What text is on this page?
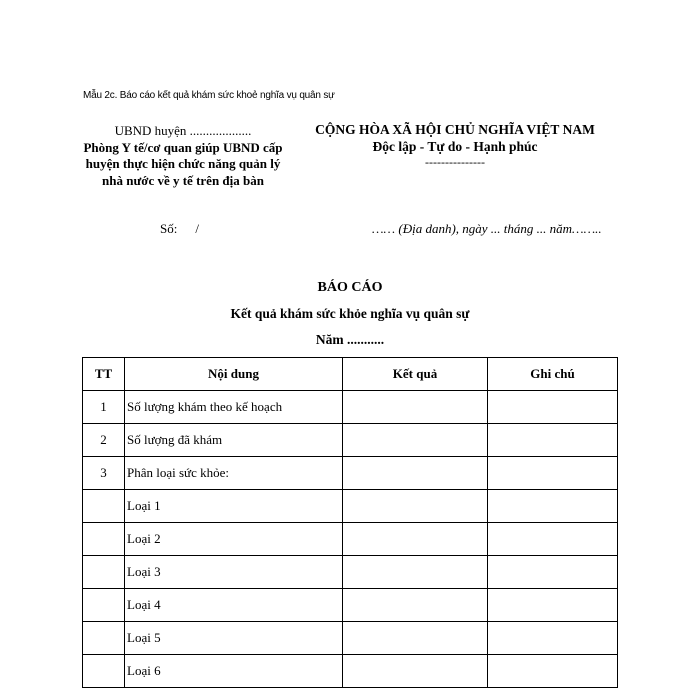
Mẫu 2c. Báo cáo kết quả khám sức khoẻ nghĩa vụ quân sự
UBND huyện ...................
Phòng Y tế/cơ quan giúp UBND cấp huyện thực hiện chức năng quản lý nhà nước về y tế trên địa bàn
CỘNG HÒA XÃ HỘI CHỦ NGHĨA VIỆT NAM
Độc lập - Tự do - Hạnh phúc
---------------
Số: /	…… (Địa danh), ngày ... tháng ... năm……..
BÁO CÁO
Kết quả khám sức khỏe nghĩa vụ quân sự
Năm ...........
TT	Nội dung	Kết quả	Ghi chú
1	Số lượng khám theo kế hoạch		
2	Số lượng đã khám		
3	Phân loại sức khỏe:		
	Loại 1		
	Loại 2		
	Loại 3		
	Loại 4		
	Loại 5		
	Loại 6		
